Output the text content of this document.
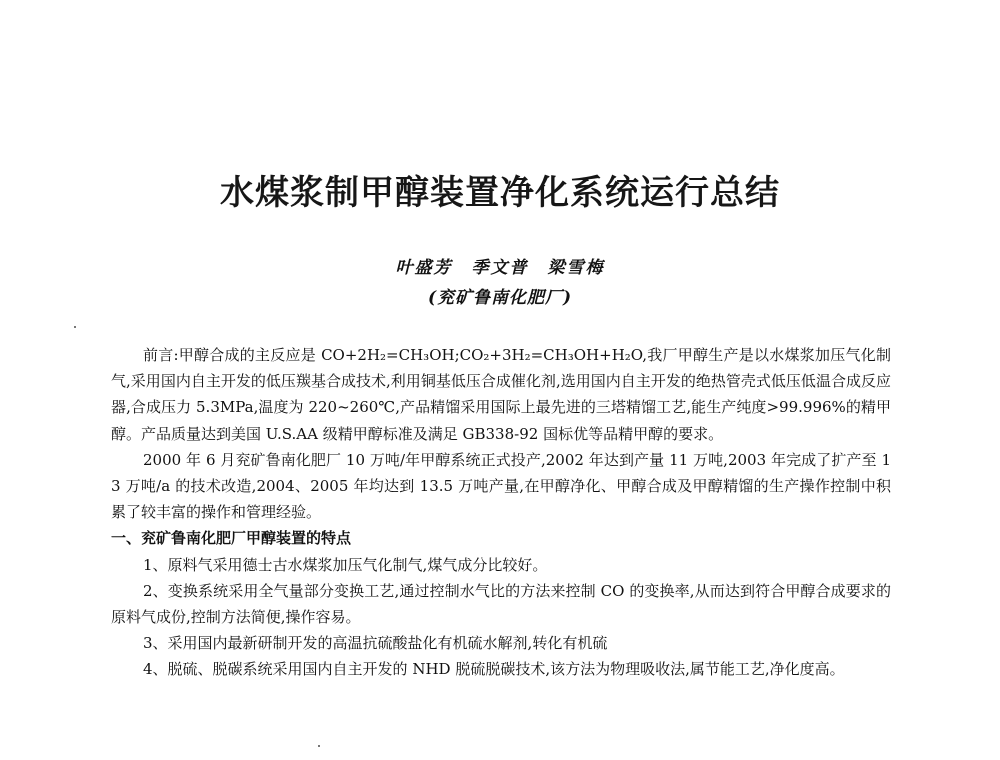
水煤浆制甲醇装置净化系统运行总结
叶盛芳　季文普　梁雪梅
(兖矿鲁南化肥厂)

前言:甲醇合成的主反应是 CO+2H₂=CH₃OH;CO₂+3H₂=CH₃OH+H₂O,我厂甲醇生产是以水煤浆加压气化制气,采用国内自主开发的低压羰基合成技术,利用铜基低压合成催化剂,选用国内自主开发的绝热管壳式低压低温合成反应器,合成压力 5.3MPa,温度为 220~260℃,产品精馏采用国际上最先进的三塔精馏工艺,能生产纯度>99.996%的精甲醇。产品质量达到美国 U.S.AA 级精甲醇标准及满足 GB338-92 国标优等品精甲醇的要求。

2000 年 6 月兖矿鲁南化肥厂 10 万吨/年甲醇系统正式投产,2002 年达到产量 11 万吨,2003 年完成了扩产至 13 万吨/a 的技术改造,2004、2005 年均达到 13.5 万吨产量,在甲醇净化、甲醇合成及甲醇精馏的生产操作控制中积累了较丰富的操作和管理经验。

一、兖矿鲁南化肥厂甲醇装置的特点

1、原料气采用德士古水煤浆加压气化制气,煤气成分比较好。

2、变换系统采用全气量部分变换工艺,通过控制水气比的方法来控制 CO 的变换率,从而达到符合甲醇合成要求的原料气成份,控制方法简便,操作容易。

3、采用国内最新研制开发的高温抗硫酸盐化有机硫水解剂,转化有机硫

4、脱硫、脱碳系统采用国内自主开发的 NHD 脱硫脱碳技术,该方法为物理吸收法,属节能工艺,净化度高。
